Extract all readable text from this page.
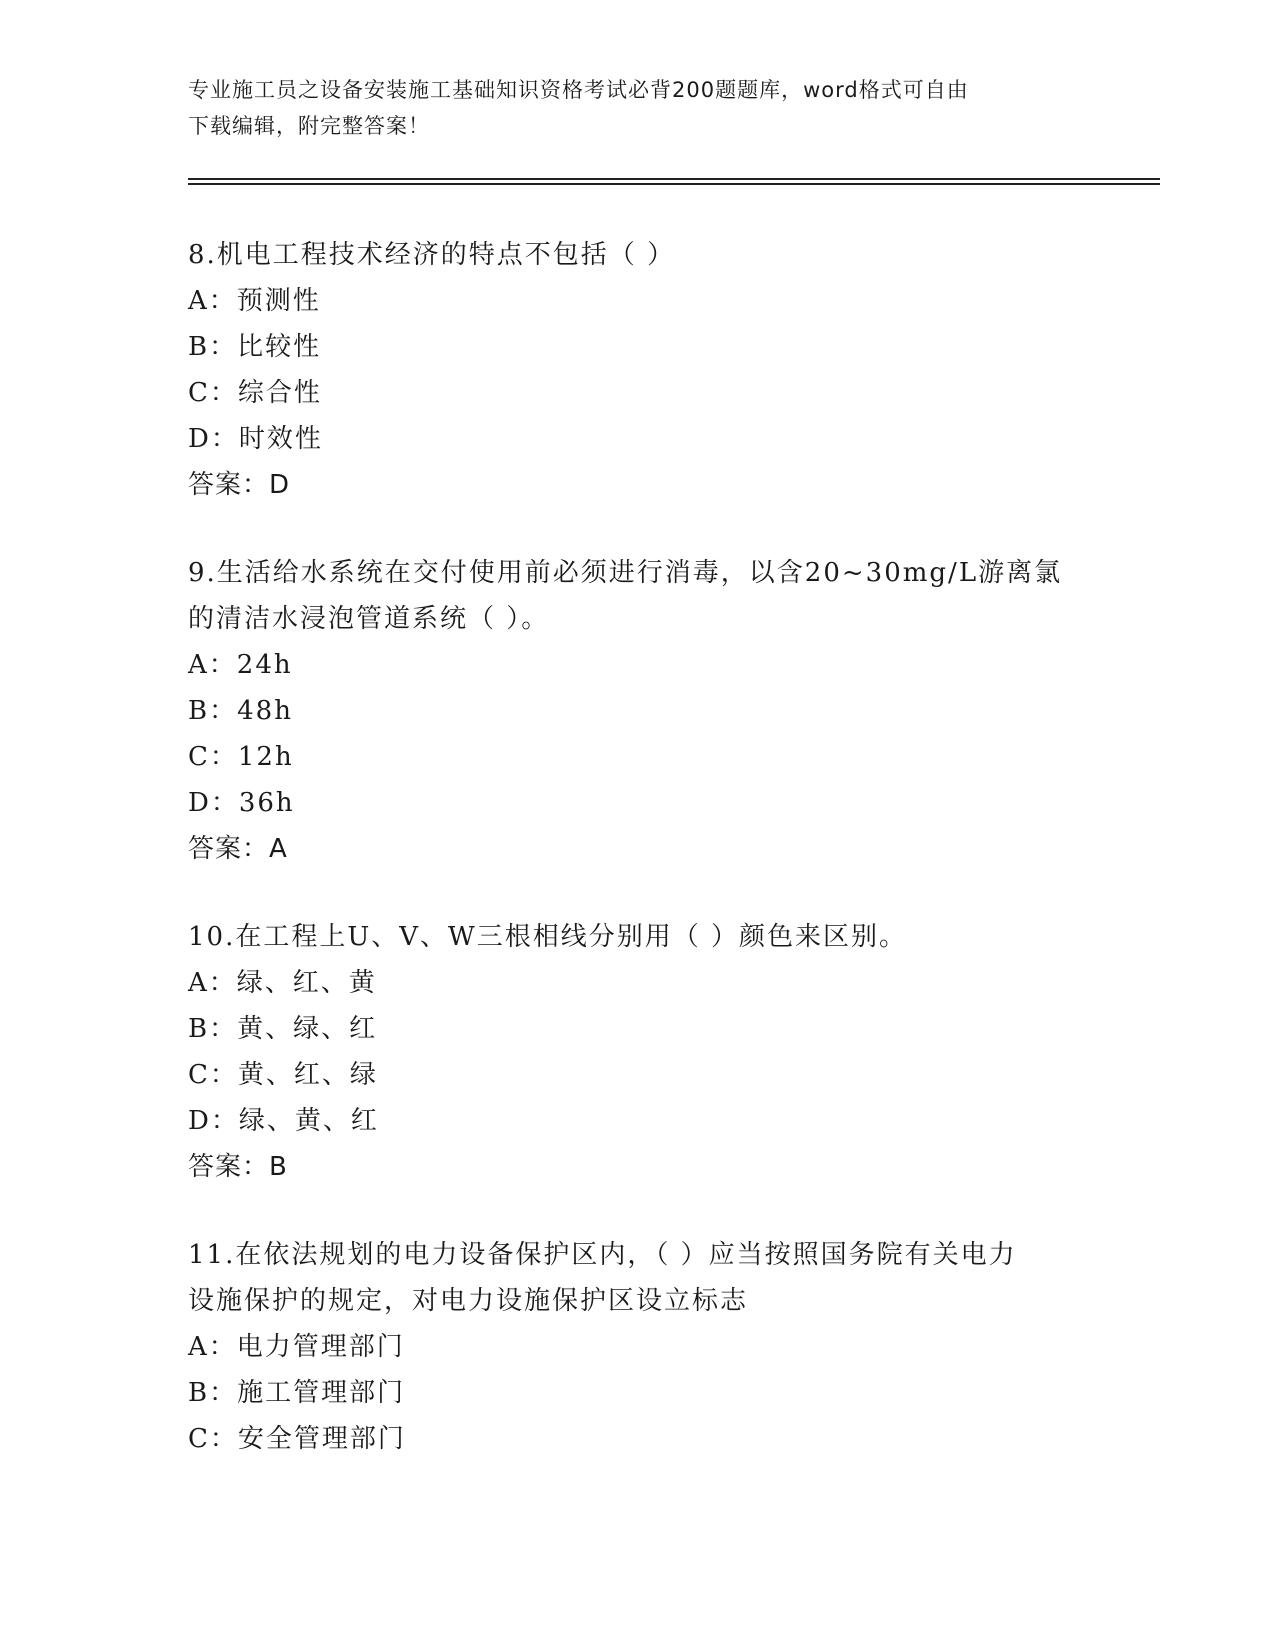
专业施工员之设备安装施工基础知识资格考试必背200题题库，word格式可自由
下载编辑，附完整答案！
8.机电工程技术经济的特点不包括（ ）
A：预测性
B：比较性
C：综合性
D：时效性
答案：D
9.生活给水系统在交付使用前必须进行消毒，以含20~30mg/L游离氯
的清洁水浸泡管道系统（ ）。
A：24h
B：48h
C：12h
D：36h
答案：A
10.在工程上U、V、W三根相线分别用（ ）颜色来区别。
A：绿、红、黄
B：黄、绿、红
C：黄、红、绿
D：绿、黄、红
答案：B
11.在依法规划的电力设备保护区内，（ ）应当按照国务院有关电力
设施保护的规定，对电力设施保护区设立标志
A：电力管理部门
B：施工管理部门
C：安全管理部门
